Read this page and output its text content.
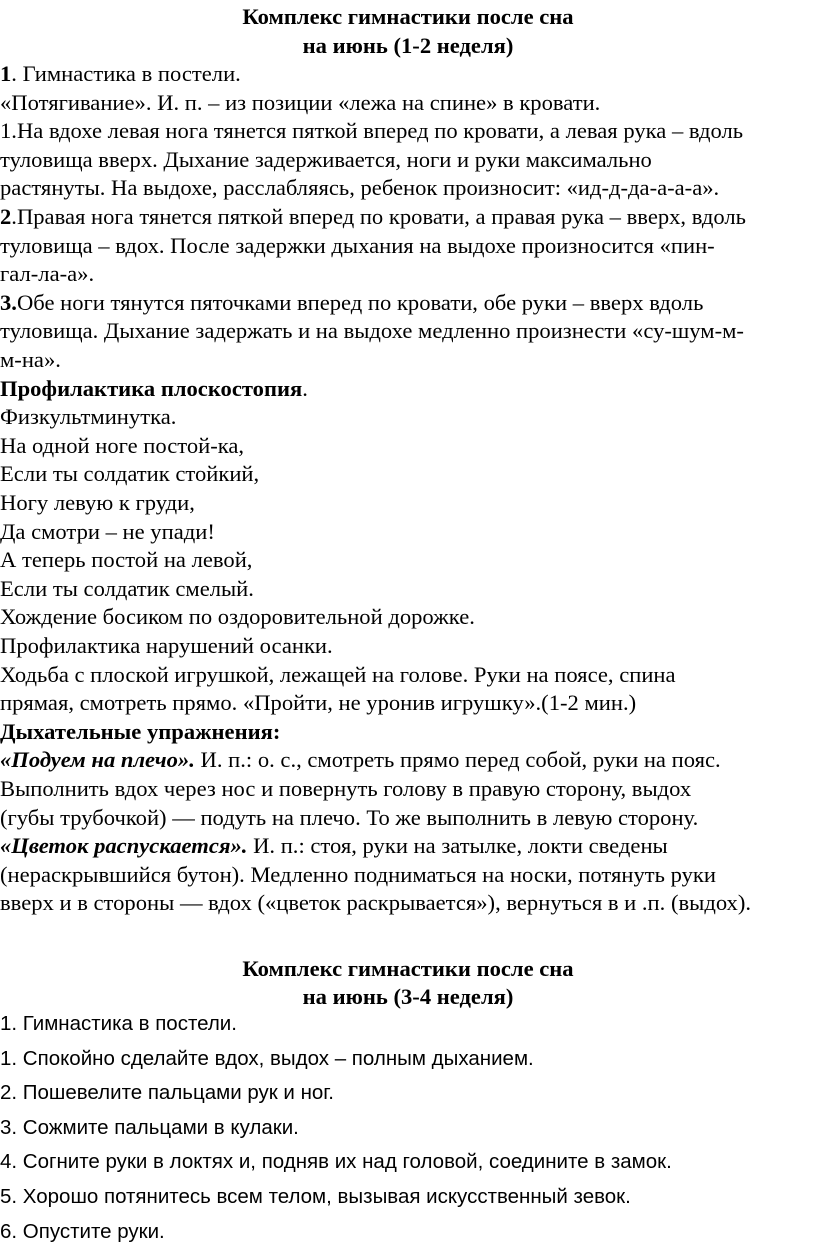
Комплекс гимнастики после сна

на июнь (1-2 неделя)

1. Гимнастика в постели.

«Потягивание». И. п. – из позиции «лежа на спине» в кровати.

1.На вдохе левая нога тянется пяткой вперед по кровати, а левая рука – вдоль

туловища вверх. Дыхание задерживается, ноги и руки максимально

растянуты. На выдохе, расслабляясь, ребенок произносит: «ид-д-да-а-а-а».

2.Правая нога тянется пяткой вперед по кровати, а правая рука – вверх, вдоль

туловища – вдох. После задержки дыхания на выдохе произносится «пин-

гал-ла-а».

3.Обе ноги тянутся пяточками вперед по кровати, обе руки – вверх вдоль

туловища. Дыхание задержать и на выдохе медленно произнести «су-шум-м-

м-на».

Профилактика плоскостопия.

Физкультминутка.

На одной ноге постой-ка,

Если ты солдатик стойкий,

Ногу левую к груди,

Да смотри – не упади!

А теперь постой на левой,

Если ты солдатик смелый.

Хождение босиком по оздоровительной дорожке.

Профилактика нарушений осанки.

Ходьба с плоской игрушкой, лежащей на голове. Руки на поясе, спина

прямая, смотреть прямо. «Пройти, не уронив игрушку».(1-2 мин.)

Дыхательные упражнения:

«Подуем на плечо». И. п.: о. с., смотреть прямо перед собой, руки на пояс.

Выполнить вдох через нос и повернуть голову в правую сторону, выдох

(губы трубочкой) — подуть на плечо. То же выполнить в левую сторону.

«Цветок распускается». И. п.: стоя, руки на затылке, локти сведены

(нераскрывшийся бутон). Медленно подниматься на носки, потянуть руки

вверх и в стороны — вдох («цветок раскрывается»), вернуться в и .п. (выдох).

Комплекс гимнастики после сна

на июнь (3-4 неделя)

1. Гимнастика в постели.

1. Спокойно сделайте вдох, выдох – полным дыханием.

2. Пошевелите пальцами рук и ног.

3. Сожмите пальцами в кулаки.

4. Согните руки в локтях и, подняв их над головой, соедините в замок.

5. Хорошо потянитесь всем телом, вызывая искусственный зевок.

6. Опустите руки.
